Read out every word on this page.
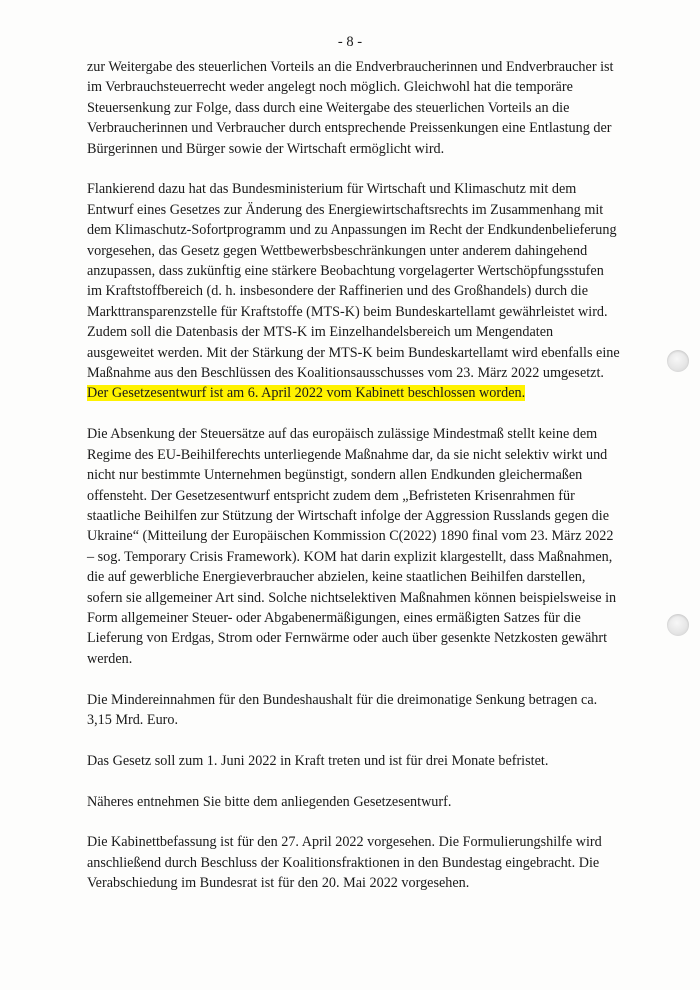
- 8 -

zur Weitergabe des steuerlichen Vorteils an die Endverbraucherinnen und Endverbraucher ist
im Verbrauchsteuerrecht weder angelegt noch möglich. Gleichwohl hat die temporäre
Steuersenkung zur Folge, dass durch eine Weitergabe des steuerlichen Vorteils an die
Verbraucherinnen und Verbraucher durch entsprechende Preissenkungen eine Entlastung der
Bürgerinnen und Bürger sowie der Wirtschaft ermöglicht wird.

Flankierend dazu hat das Bundesministerium für Wirtschaft und Klimaschutz mit dem
Entwurf eines Gesetzes zur Änderung des Energiewirtschaftsrechts im Zusammenhang mit
dem Klimaschutz-Sofortprogramm und zu Anpassungen im Recht der Endkundenbelieferung
vorgesehen, das Gesetz gegen Wettbewerbsbeschränkungen unter anderem dahingehend
anzupassen, dass zukünftig eine stärkere Beobachtung vorgelagerter Wertschöpfungsstufen
im Kraftstoffbereich (d. h. insbesondere der Raffinerien und des Großhandels) durch die
Markttransparenzstelle für Kraftstoffe (MTS-K) beim Bundeskartellamt gewährleistet wird.
Zudem soll die Datenbasis der MTS-K im Einzelhandelsbereich um Mengendaten
ausgeweitet werden. Mit der Stärkung der MTS-K beim Bundeskartellamt wird ebenfalls eine
Maßnahme aus den Beschlüssen des Koalitionsausschusses vom 23. März 2022 umgesetzt.
Der Gesetzesentwurf ist am 6. April 2022 vom Kabinett beschlossen worden.

Die Absenkung der Steuersätze auf das europäisch zulässige Mindestmaß stellt keine dem
Regime des EU-Beihilferechts unterliegende Maßnahme dar, da sie nicht selektiv wirkt und
nicht nur bestimmte Unternehmen begünstigt, sondern allen Endkunden gleichermaßen
offensteht. Der Gesetzesentwurf entspricht zudem dem „Befristeten Krisenrahmen für
staatliche Beihilfen zur Stützung der Wirtschaft infolge der Aggression Russlands gegen die
Ukraine“ (Mitteilung der Europäischen Kommission C(2022) 1890 final vom 23. März 2022
– sog. Temporary Crisis Framework). KOM hat darin explizit klargestellt, dass Maßnahmen,
die auf gewerbliche Energieverbraucher abzielen, keine staatlichen Beihilfen darstellen,
sofern sie allgemeiner Art sind. Solche nichtselektiven Maßnahmen können beispielsweise in
Form allgemeiner Steuer- oder Abgabenermäßigungen, eines ermäßigten Satzes für die
Lieferung von Erdgas, Strom oder Fernwärme oder auch über gesenkte Netzkosten gewährt
werden.

Die Mindereinnahmen für den Bundeshaushalt für die dreimonatige Senkung betragen ca.
3,15 Mrd. Euro.

Das Gesetz soll zum 1. Juni 2022 in Kraft treten und ist für drei Monate befristet.

Näheres entnehmen Sie bitte dem anliegenden Gesetzesentwurf.

Die Kabinettbefassung ist für den 27. April 2022 vorgesehen. Die Formulierungshilfe wird
anschließend durch Beschluss der Koalitionsfraktionen in den Bundestag eingebracht. Die
Verabschiedung im Bundesrat ist für den 20. Mai 2022 vorgesehen.
